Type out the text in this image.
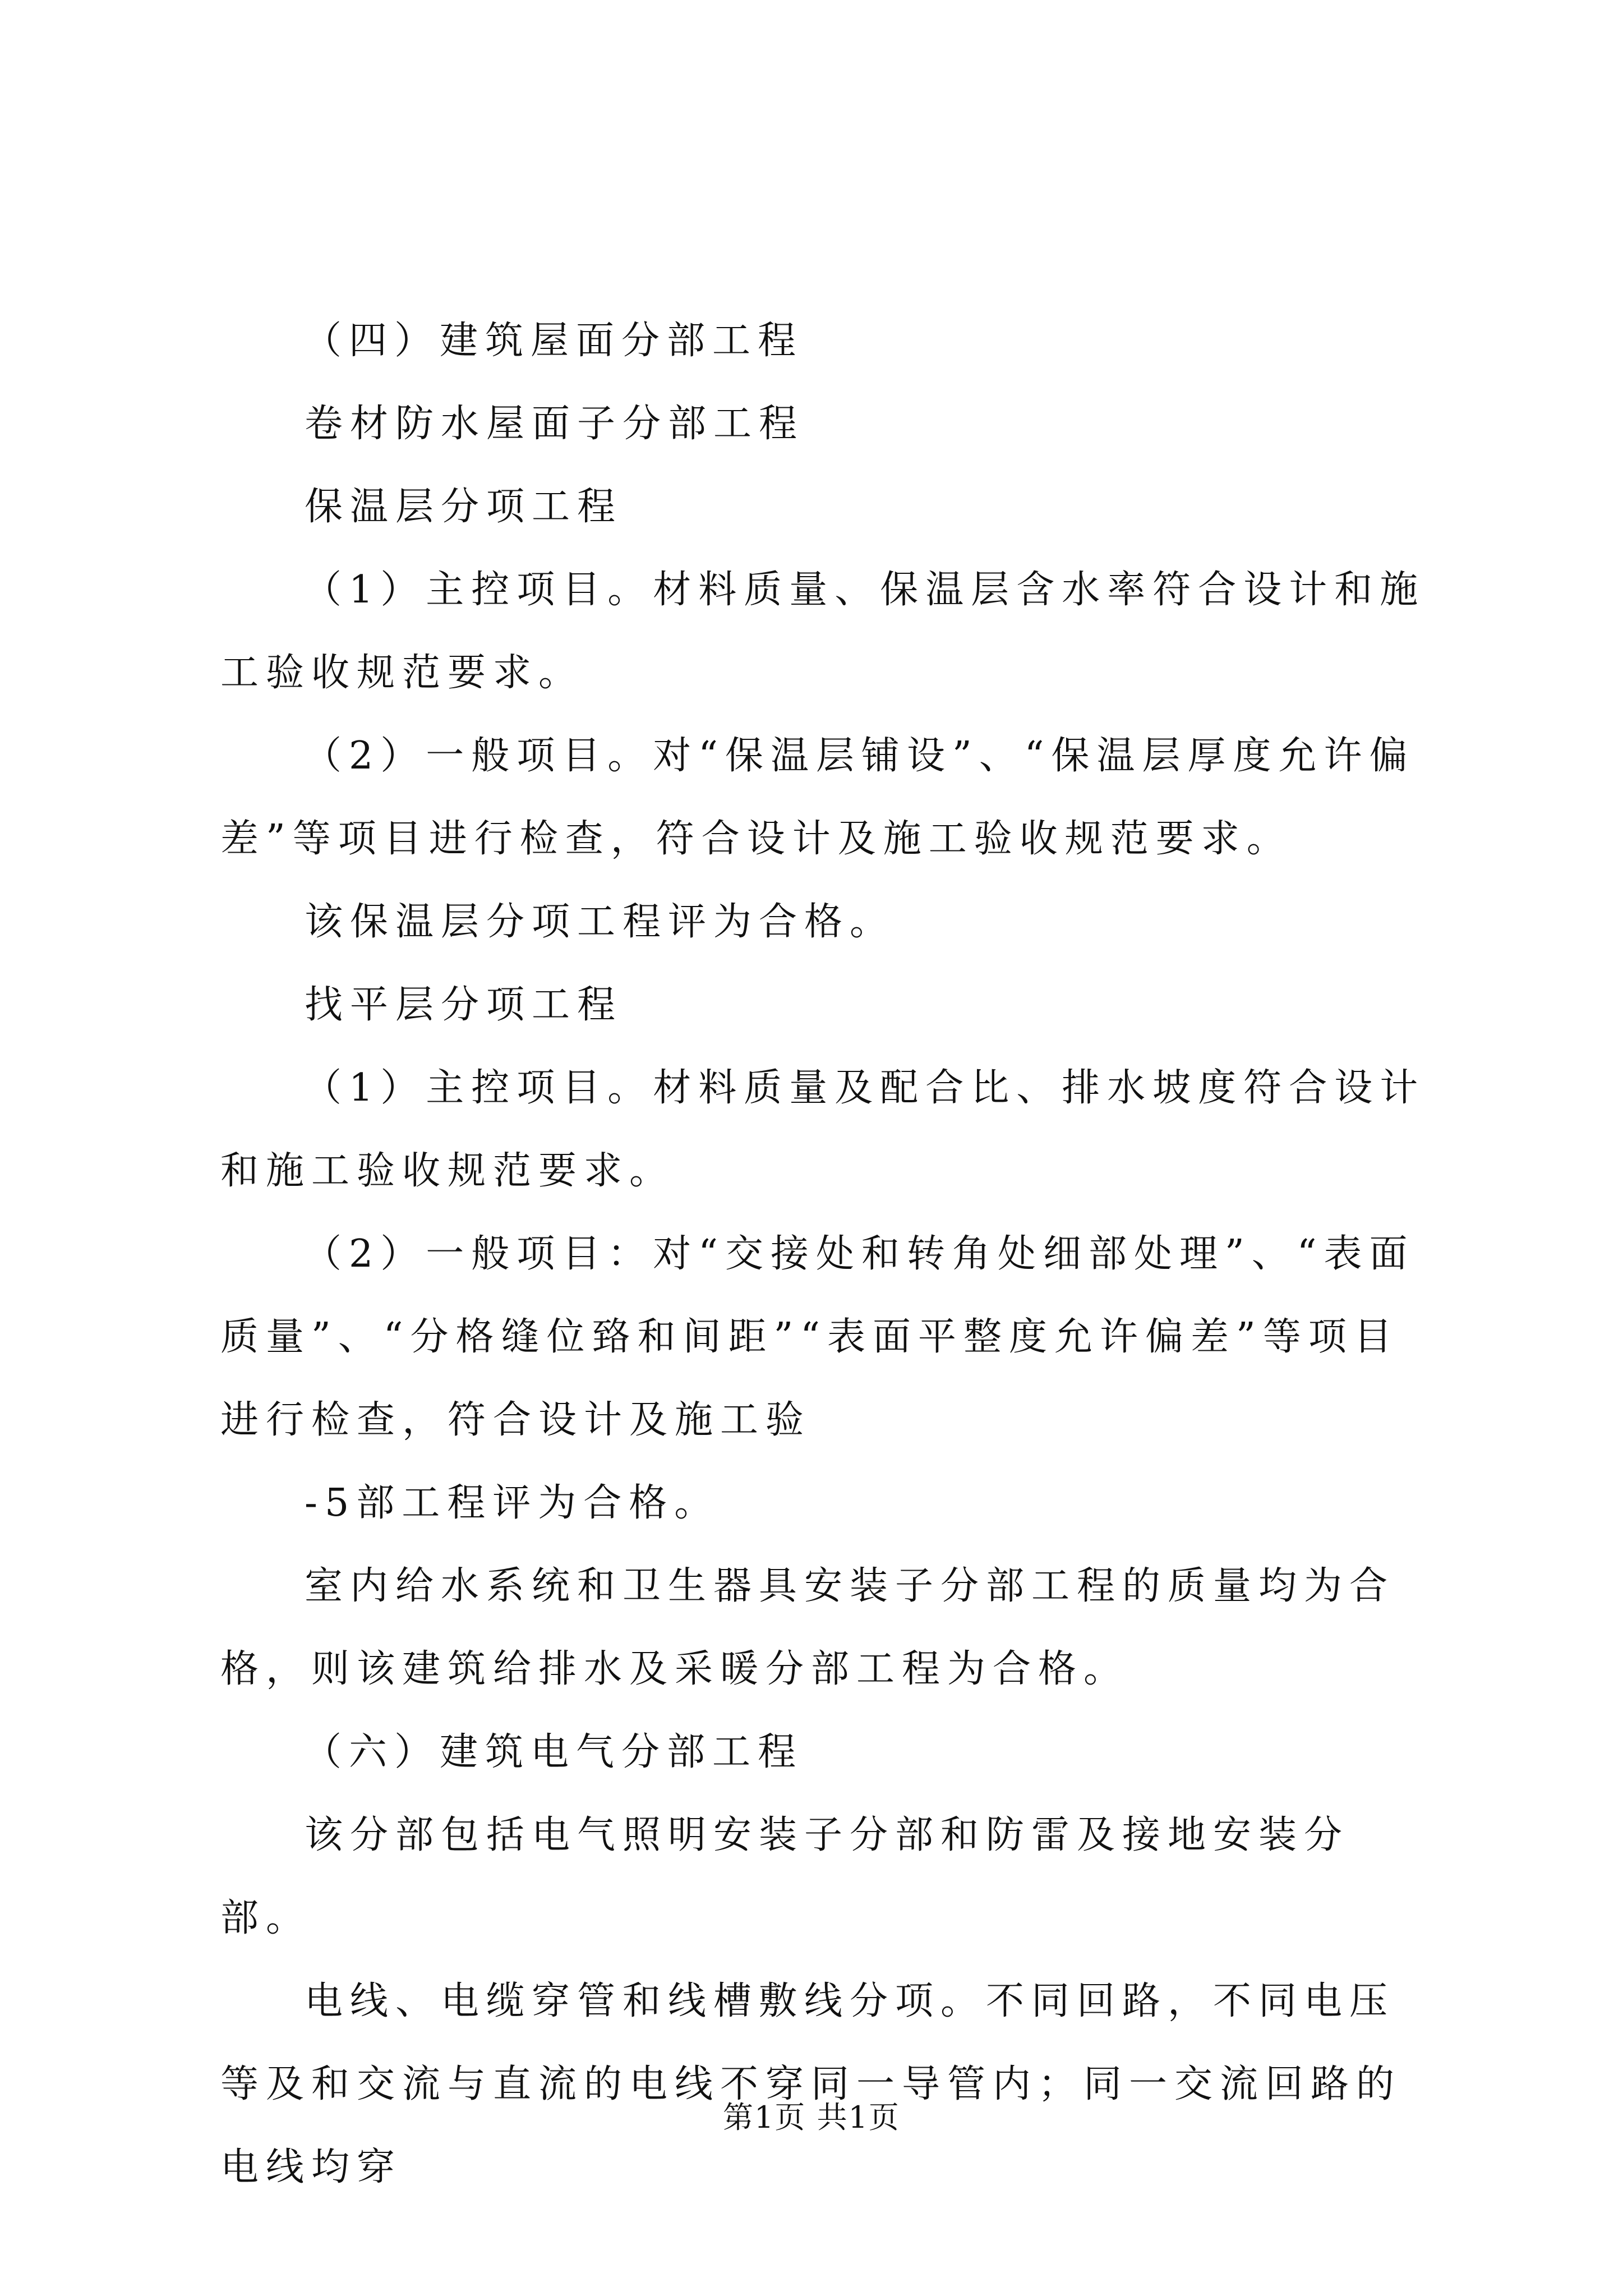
（四）建筑屋面分部工程

卷材防水屋面子分部工程

保温层分项工程

（1）主控项目。材料质量、保温层含水率符合设计和施工验收规范要求。

（2）一般项目。对“保温层铺设”、“保温层厚度允许偏差”等项目进行检查，符合设计及施工验收规范要求。

该保温层分项工程评为合格。

找平层分项工程

（1）主控项目。材料质量及配合比、排水坡度符合设计和施工验收规范要求。

（2）一般项目：对“交接处和转角处细部处理”、“表面质量”、“分格缝位臵和间距”“表面平整度允许偏差”等项目进行检查，符合设计及施工验

-5部工程评为合格。

室内给水系统和卫生器具安装子分部工程的质量均为合格，则该建筑给排水及采暖分部工程为合格。

（六）建筑电气分部工程

该分部包括电气照明安装子分部和防雷及接地安装分部。

电线、电缆穿管和线槽敷线分项。不同回路，不同电压等及和交流与直流的电线不穿同一导管内；同一交流回路的电线均穿

第1页 共1页
